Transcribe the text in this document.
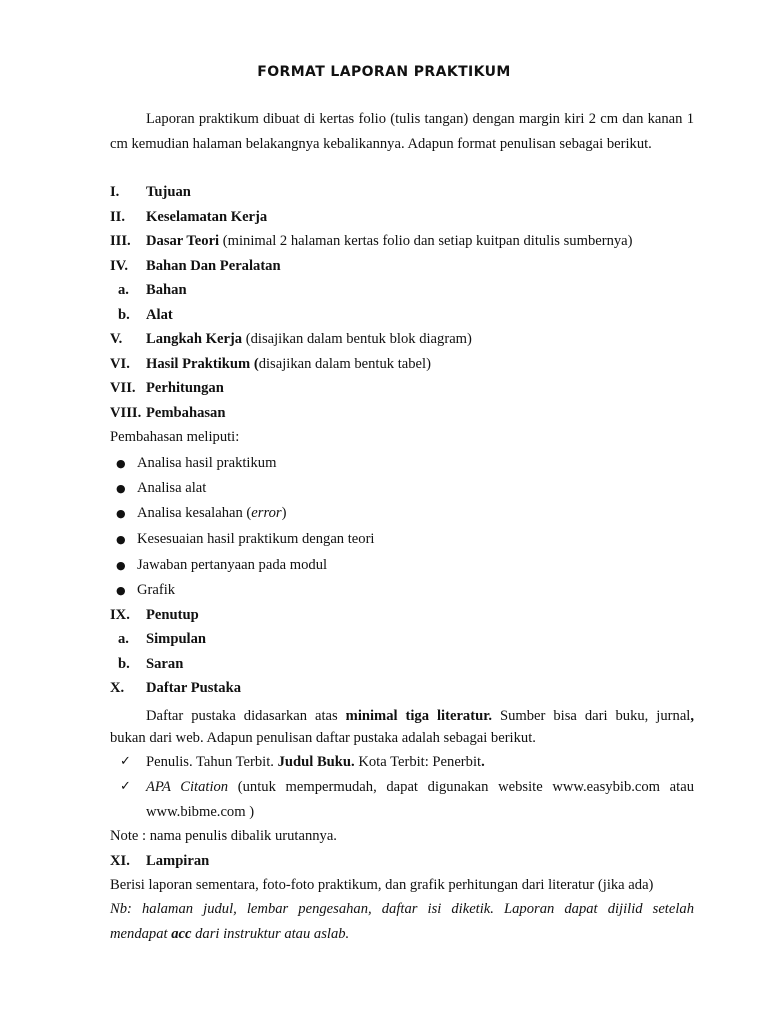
FORMAT LAPORAN PRAKTIKUM

Laporan praktikum dibuat di kertas folio (tulis tangan) dengan margin kiri 2 cm dan kanan 1 cm kemudian halaman belakangnya kebalikannya. Adapun format penulisan sebagai berikut.

I. Tujuan
II. Keselamatan Kerja
III. Dasar Teori (minimal 2 halaman kertas folio dan setiap kuitpan ditulis sumbernya)
IV. Bahan Dan Peralatan
a. Bahan
b. Alat
V. Langkah Kerja (disajikan dalam bentuk blok diagram)
VI. Hasil Praktikum (disajikan dalam bentuk tabel)
VII. Perhitungan
VIII. Pembahasan
Pembahasan meliputi:
● Analisa hasil praktikum
● Analisa alat
● Analisa kesalahan (error)
● Kesesuaian hasil praktikum dengan teori
● Jawaban pertanyaan pada modul
● Grafik
IX. Penutup
a. Simpulan
b. Saran
X. Daftar Pustaka
Daftar pustaka didasarkan atas minimal tiga literatur. Sumber bisa dari buku, jurnal,
bukan dari web. Adapun penulisan daftar pustaka adalah sebagai berikut.
✓ Penulis. Tahun Terbit. Judul Buku. Kota Terbit: Penerbit.
✓ APA Citation (untuk mempermudah, dapat digunakan website www.easybib.com atau
www.bibme.com )
Note : nama penulis dibalik urutannya.
XI. Lampiran
Berisi laporan sementara, foto-foto praktikum, dan grafik perhitungan dari literatur (jika ada)
Nb: halaman judul, lembar pengesahan, daftar isi diketik. Laporan dapat dijilid setelah
mendapat acc dari instruktur atau aslab.
